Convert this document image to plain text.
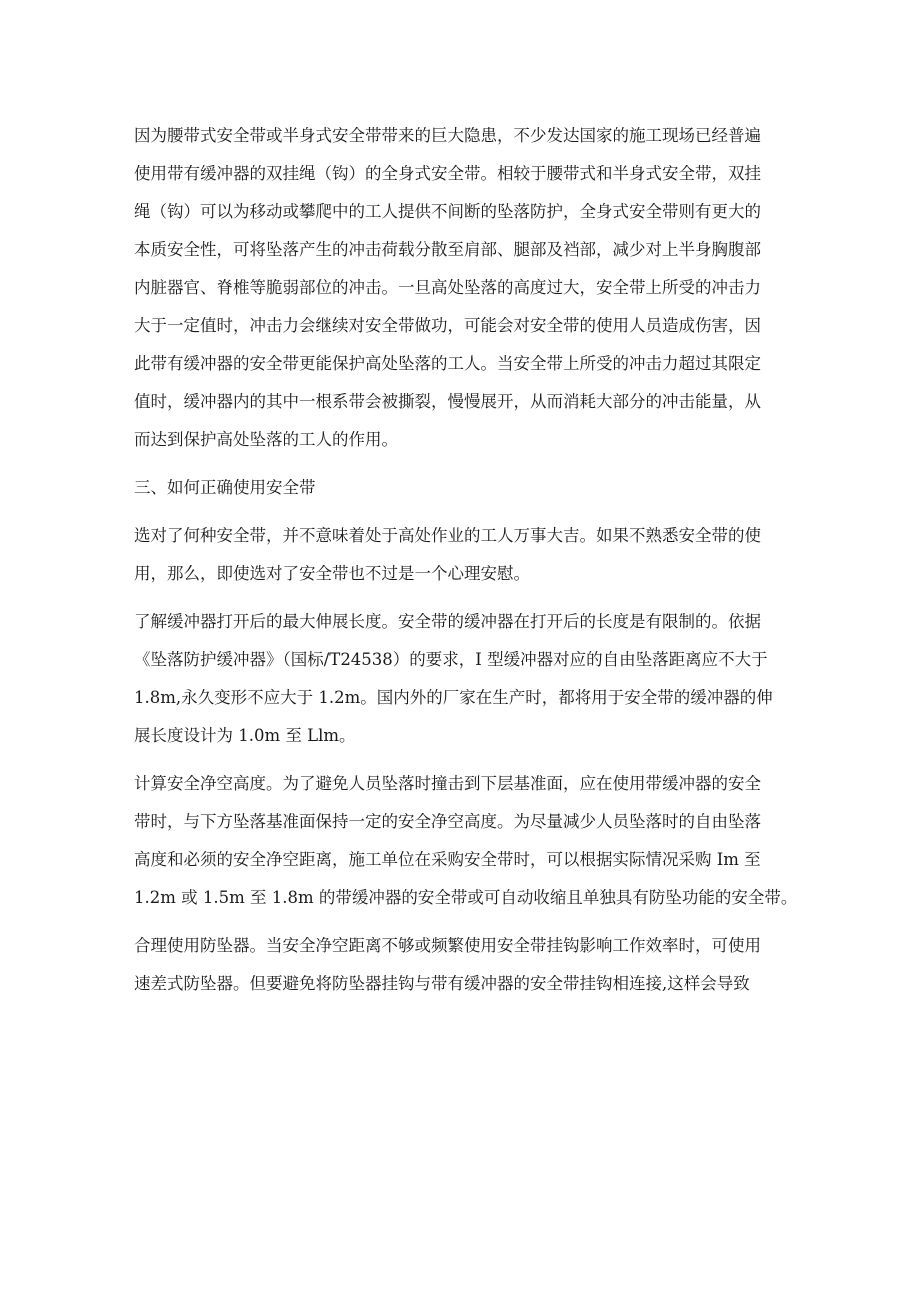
因为腰带式安全带或半身式安全带带来的巨大隐患，不少发达国家的施工现场已经普遍
使用带有缓冲器的双挂绳（钩）的全身式安全带。相较于腰带式和半身式安全带，双挂
绳（钩）可以为移动或攀爬中的工人提供不间断的坠落防护，全身式安全带则有更大的
本质安全性，可将坠落产生的冲击荷载分散至肩部、腿部及裆部，减少对上半身胸腹部
内脏器官、脊椎等脆弱部位的冲击。一旦高处坠落的高度过大，安全带上所受的冲击力
大于一定值时，冲击力会继续对安全带做功，可能会对安全带的使用人员造成伤害，因
此带有缓冲器的安全带更能保护高处坠落的工人。当安全带上所受的冲击力超过其限定
值时，缓冲器内的其中一根系带会被撕裂，慢慢展开，从而消耗大部分的冲击能量，从
而达到保护高处坠落的工人的作用。
三、如何正确使用安全带
选对了何种安全带，并不意味着处于高处作业的工人万事大吉。如果不熟悉安全带的使
用，那么，即使选对了安全带也不过是一个心理安慰。
了解缓冲器打开后的最大伸展长度。安全带的缓冲器在打开后的长度是有限制的。依据
《坠落防护缓冲器》（国标/T24538）的要求，I 型缓冲器对应的自由坠落距离应不大于
1.8m,永久变形不应大于 1.2m。国内外的厂家在生产时，都将用于安全带的缓冲器的伸
展长度设计为 1.0m 至 Llm。
计算安全净空高度。为了避免人员坠落时撞击到下层基准面，应在使用带缓冲器的安全
带时，与下方坠落基准面保持一定的安全净空高度。为尽量减少人员坠落时的自由坠落
高度和必须的安全净空距离，施工单位在采购安全带时，可以根据实际情况采购 Im 至
1.2m 或 1.5m 至 1.8m 的带缓冲器的安全带或可自动收缩且单独具有防坠功能的安全带。
合理使用防坠器。当安全净空距离不够或频繁使用安全带挂钩影响工作效率时，可使用
速差式防坠器。但要避免将防坠器挂钩与带有缓冲器的安全带挂钩相连接,这样会导致
